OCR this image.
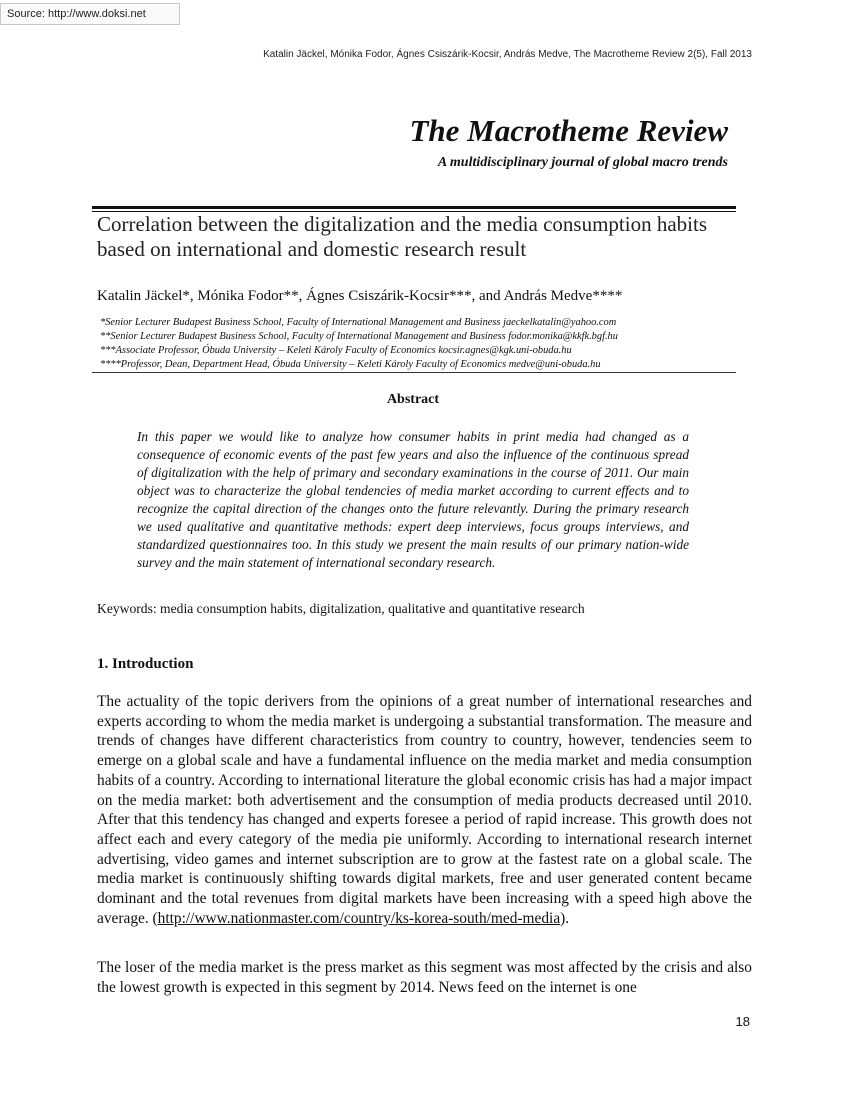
Source: http://www.doksi.net
Katalin Jäckel, Mónika Fodor, Ágnes Csiszárik-Kocsir, András Medve, The Macrotheme Review 2(5), Fall 2013
The Macrotheme Review
A multidisciplinary journal of global macro trends
Correlation between the digitalization and the media consumption habits based on international and domestic research result
Katalin Jäckel*, Mónika Fodor**, Ágnes Csiszárik-Kocsir***, and András Medve****
*Senior Lecturer Budapest Business School, Faculty of International Management and Business jaeckelkatalin@yahoo.com
**Senior Lecturer Budapest Business School, Faculty of International Management and Business fodor.monika@kkfk.bgf.hu
***Associate Professor, Óbuda University – Keleti Károly Faculty of Economics kocsir.agnes@kgk.uni-obuda.hu
****Professor, Dean, Department Head, Óbuda University – Keleti Károly Faculty of Economics medve@uni-obuda.hu
Abstract
In this paper we would like to analyze how consumer habits in print media had changed as a consequence of economic events of the past few years and also the influence of the continuous spread of digitalization with the help of primary and secondary examinations in the course of 2011. Our main object was to characterize the global tendencies of media market according to current effects and to recognize the capital direction of the changes onto the future relevantly. During the primary research we used qualitative and quantitative methods: expert deep interviews, focus groups interviews, and standardized questionnaires too. In this study we present the main results of our primary nation-wide survey and the main statement of international secondary research.
Keywords: media consumption habits, digitalization, qualitative and quantitative research
1. Introduction
The actuality of the topic derivers from the opinions of a great number of international researches and experts according to whom the media market is undergoing a substantial transformation. The measure and trends of changes have different characteristics from country to country, however, tendencies seem to emerge on a global scale and have a fundamental influence on the media market and media consumption habits of a country. According to international literature the global economic crisis has had a major impact on the media market: both advertisement and the consumption of media products decreased until 2010. After that this tendency has changed and experts foresee a period of rapid increase. This growth does not affect each and every category of the media pie uniformly. According to international research internet advertising, video games and internet subscription are to grow at the fastest rate on a global scale. The media market is continuously shifting towards digital markets, free and user generated content became dominant and the total revenues from digital markets have been increasing with a speed high above the average. (http://www.nationmaster.com/country/ks-korea-south/med-media).
The loser of the media market is the press market as this segment was most affected by the crisis and also the lowest growth is expected in this segment by 2014. News feed on the internet is one
18
